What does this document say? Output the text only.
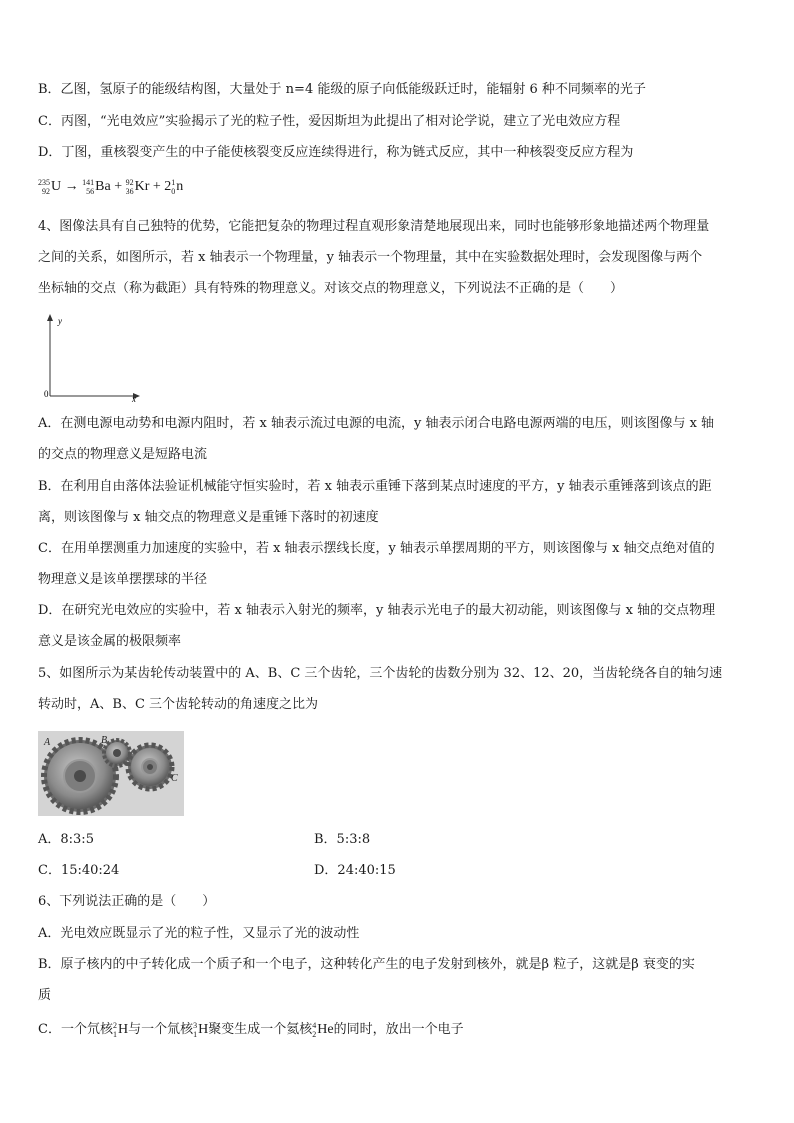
B．乙图，氢原子的能级结构图，大量处于 n=4 能级的原子向低能级跃迁时，能辐射 6 种不同频率的光子
C．丙图，“光电效应”实验揭示了光的粒子性，爱因斯坦为此提出了相对论学说，建立了光电效应方程
D．丁图，重核裂变产生的中子能使核裂变反应连续得进行，称为链式反应，其中一种核裂变反应方程为
235
92 U → 141
56 Ba + 92
36 Kr + 2 1
0 n
4、图像法具有自己独特的优势，它能把复杂的物理过程直观形象清楚地展现出来，同时也能够形象地描述两个物理量
之间的关系，如图所示，若 x 轴表示一个物理量，y 轴表示一个物理量，其中在实验数据处理时，会发现图像与两个
坐标轴的交点（称为截距）具有特殊的物理意义。对该交点的物理意义，下列说法不正确的是（　　）
y
x
0
A．在测电源电动势和电源内阻时，若 x 轴表示流过电源的电流，y 轴表示闭合电路电源两端的电压，则该图像与 x 轴
的交点的物理意义是短路电流
B．在利用自由落体法验证机械能守恒实验时，若 x 轴表示重锤下落到某点时速度的平方，y 轴表示重锤落到该点的距
离，则该图像与 x 轴交点的物理意义是重锤下落时的初速度
C．在用单摆测重力加速度的实验中，若 x 轴表示摆线长度，y 轴表示单摆周期的平方，则该图像与 x 轴交点绝对值的
物理意义是该单摆摆球的半径
D．在研究光电效应的实验中，若 x 轴表示入射光的频率，y 轴表示光电子的最大初动能，则该图像与 x 轴的交点物理
意义是该金属的极限频率
5、如图所示为某齿轮传动装置中的 A、B、C 三个齿轮，三个齿轮的齿数分别为 32、12、20，当齿轮绕各自的轴匀速
转动时，A、B、C 三个齿轮转动的角速度之比为
A	B
C
A．8:3:5	B．5:3:8
C．15:40:24	D．24:40:15
6、下列说法正确的是（　　）
A．光电效应既显示了光的粒子性，又显示了光的波动性
B．原子核内的中子转化成一个质子和一个电子，这种转化产生的电子发射到核外，就是β 粒子，这就是β 衰变的实
质
C．一个氘核 2
1 H与一个氚核 3
1 H聚变生成一个氦核 4
2 He的同时，放出一个电子
